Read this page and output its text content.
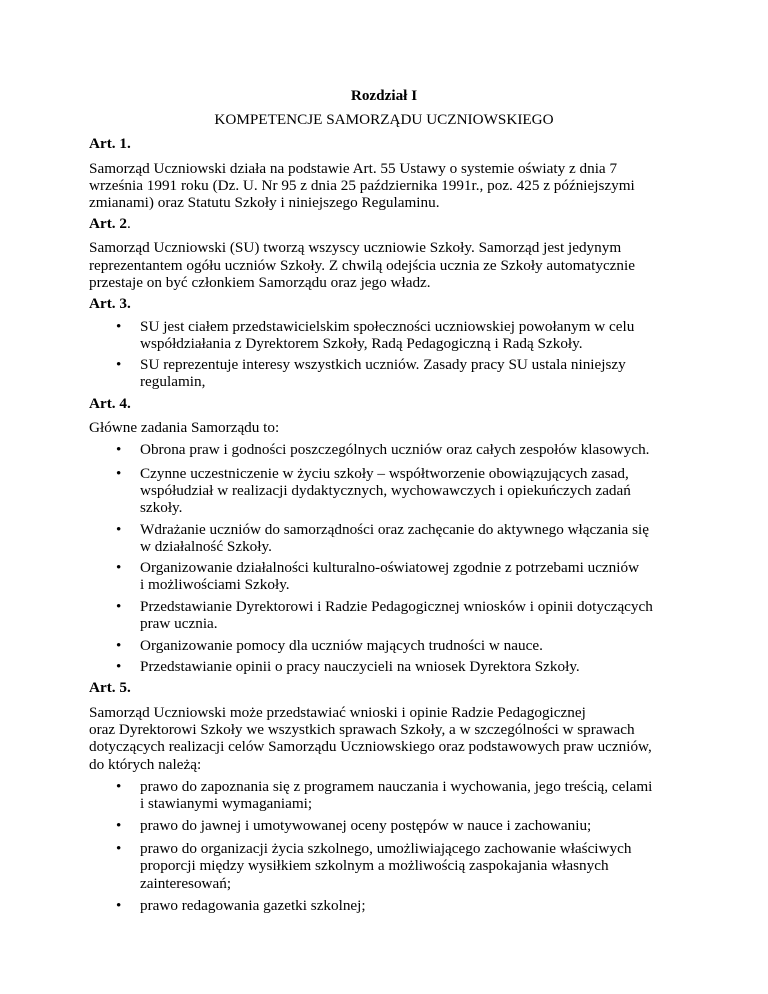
Rozdział I
KOMPETENCJE SAMORZĄDU UCZNIOWSKIEGO
Art. 1.
Samorząd Uczniowski działa na podstawie Art. 55 Ustawy o systemie oświaty z dnia 7
września 1991 roku (Dz. U. Nr 95 z dnia 25 października 1991r., poz. 425 z późniejszymi
zmianami) oraz Statutu Szkoły i niniejszego Regulaminu.
Art. 2.
Samorząd Uczniowski (SU) tworzą wszyscy uczniowie Szkoły. Samorząd jest jedynym
reprezentantem ogółu uczniów Szkoły. Z chwilą odejścia ucznia ze Szkoły automatycznie
przestaje on być członkiem Samorządu oraz jego władz.
Art. 3.
•	SU jest ciałem przedstawicielskim społeczności uczniowskiej powołanym w celu
współdziałania z Dyrektorem Szkoły, Radą Pedagogiczną i Radą Szkoły.
•	SU reprezentuje interesy wszystkich uczniów. Zasady pracy SU ustala niniejszy
regulamin,
Art. 4.
Główne zadania Samorządu to:
•	Obrona praw i godności poszczególnych uczniów oraz całych zespołów klasowych.
•	Czynne uczestniczenie w życiu szkoły – współtworzenie obowiązujących zasad,
współudział w realizacji dydaktycznych, wychowawczych i opiekuńczych zadań
szkoły.
•	Wdrażanie uczniów do samorządności oraz zachęcanie do aktywnego włączania się
w działalność Szkoły.
•	Organizowanie działalności kulturalno-oświatowej zgodnie z potrzebami uczniów
i możliwościami Szkoły.
•	Przedstawianie Dyrektorowi i Radzie Pedagogicznej wniosków i opinii dotyczących
praw ucznia.
•	Organizowanie pomocy dla uczniów mających trudności w nauce.
•	Przedstawianie opinii o pracy nauczycieli na wniosek Dyrektora Szkoły.
Art. 5.
Samorząd Uczniowski może przedstawiać wnioski i opinie Radzie Pedagogicznej
oraz Dyrektorowi Szkoły we wszystkich sprawach Szkoły, a w szczególności w sprawach
dotyczących realizacji celów Samorządu Uczniowskiego oraz podstawowych praw uczniów,
do których należą:
•	prawo do zapoznania się z programem nauczania i wychowania, jego treścią, celami
i stawianymi wymaganiami;
•	prawo do jawnej i umotywowanej oceny postępów w nauce i zachowaniu;
•	prawo do organizacji życia szkolnego, umożliwiającego zachowanie właściwych
proporcji między wysiłkiem szkolnym a możliwością zaspokajania własnych
zainteresowań;
•	prawo redagowania gazetki szkolnej;
